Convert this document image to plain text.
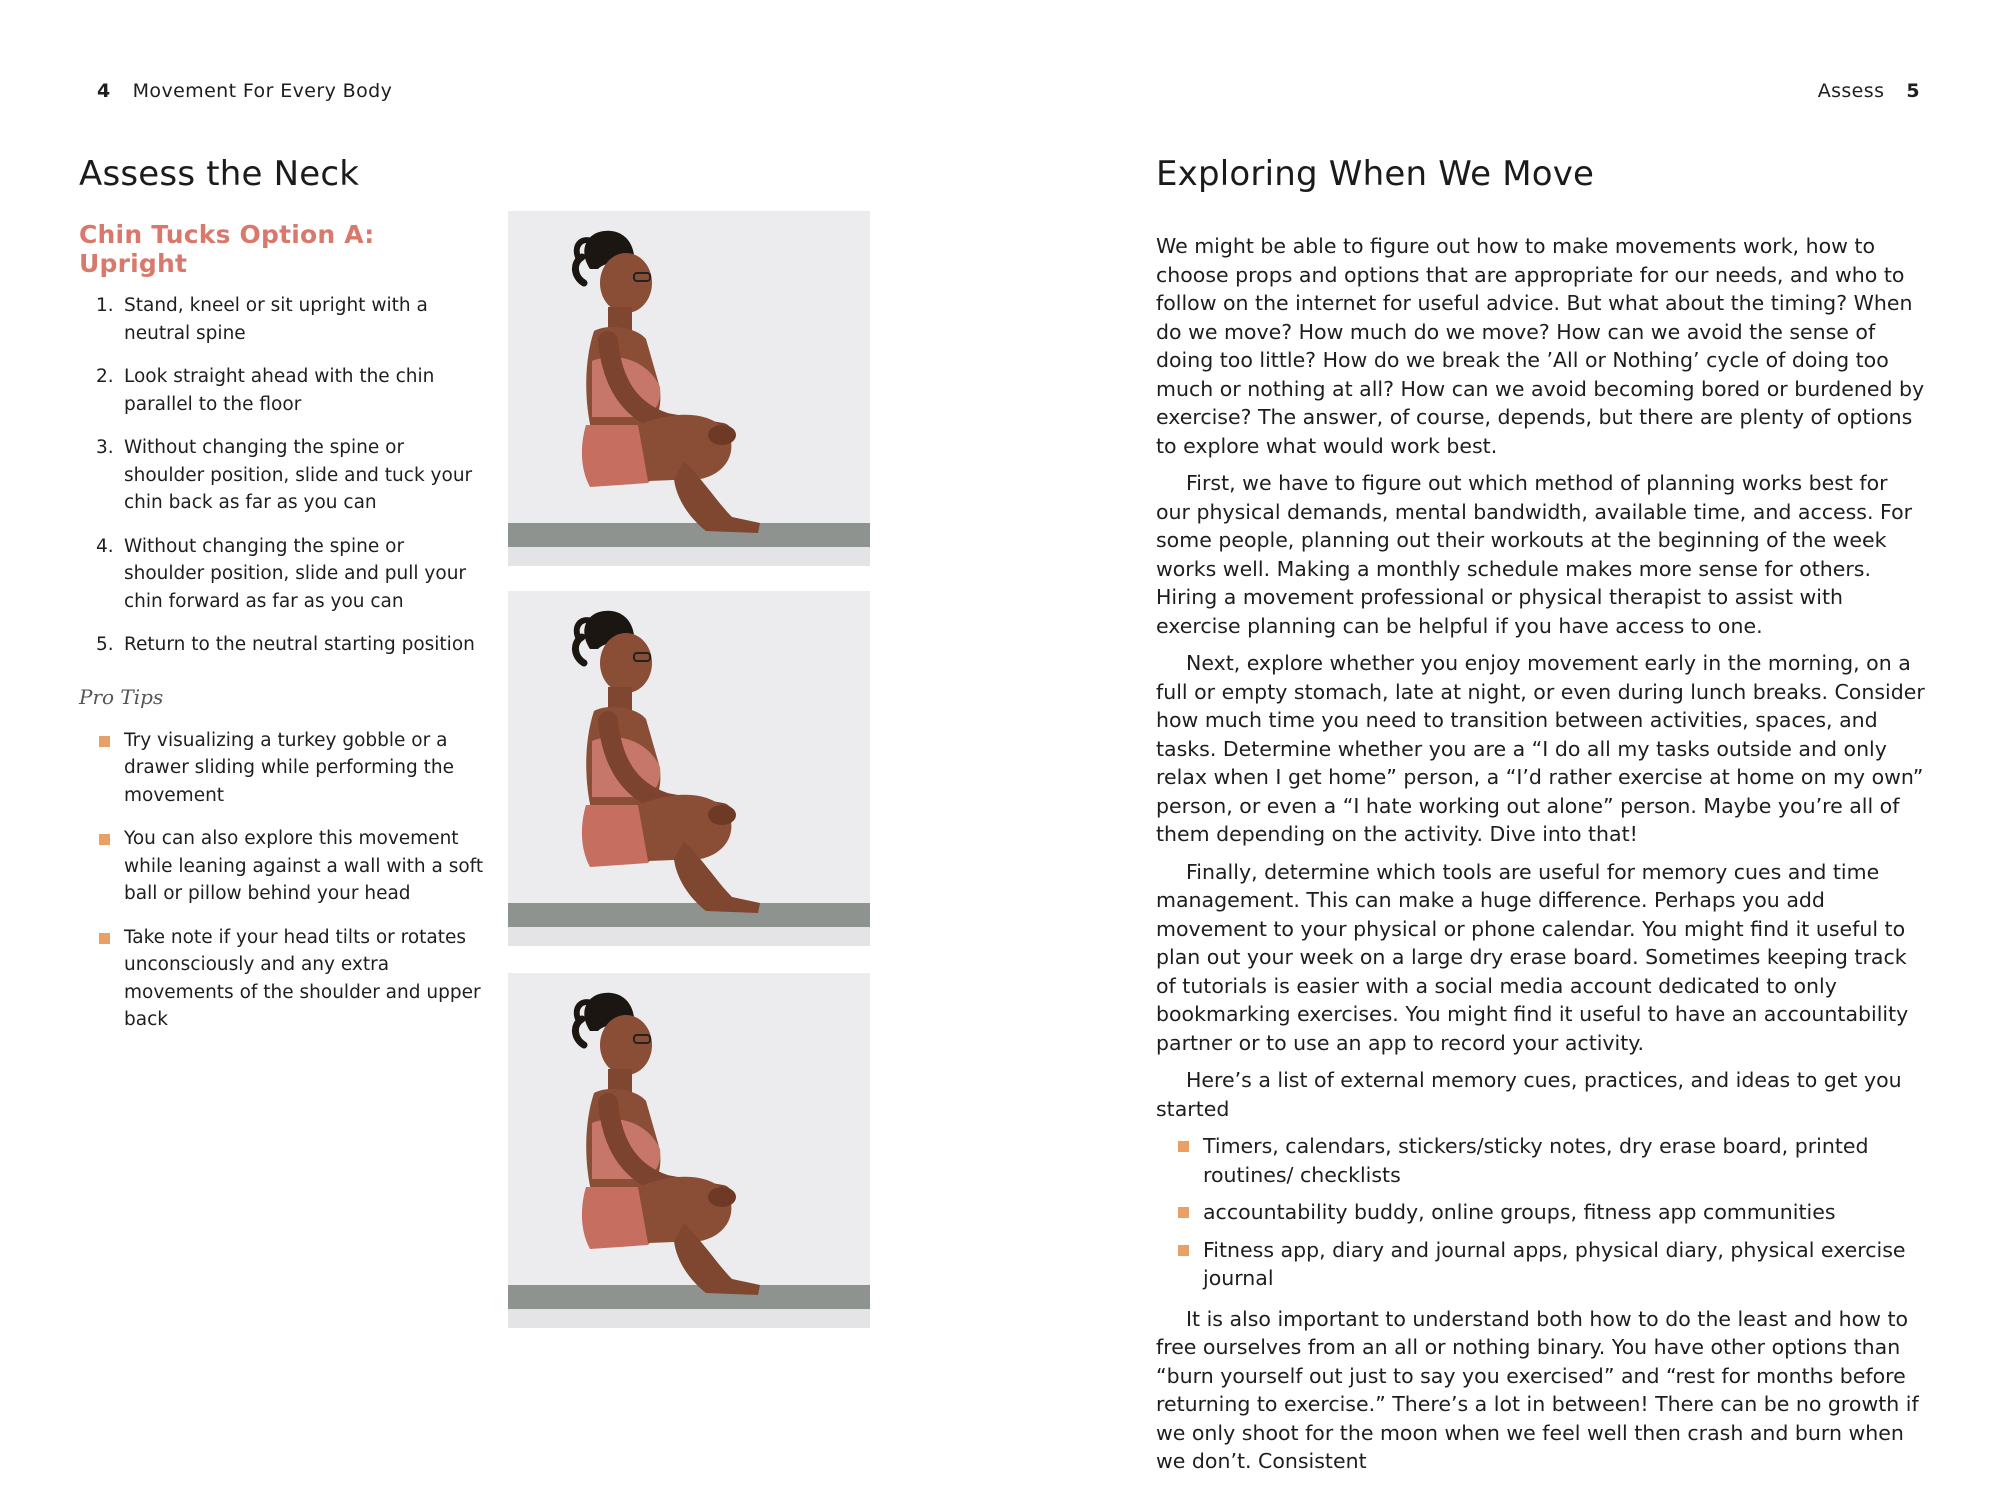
4 Movement For Every Body
Assess the Neck
Chin Tucks Option A: Upright
1. Stand, kneel or sit upright with a neutral spine
2. Look straight ahead with the chin parallel to the floor
3. Without changing the spine or shoulder position, slide and tuck your chin back as far as you can
4. Without changing the spine or shoulder position, slide and pull your chin forward as far as you can
5. Return to the neutral starting position
Pro Tips
Try visualizing a turkey gobble or a drawer sliding while performing the movement
You can also explore this movement while leaning against a wall with a soft ball or pillow behind your head
Take note if your head tilts or rotates unconsciously and any extra movements of the shoulder and upper back
Assess 5
Exploring When We Move

We might be able to figure out how to make movements work, how to choose props and options that are appropriate for our needs, and who to follow on the internet for useful advice. But what about the timing? When do we move? How much do we move? How can we avoid the sense of doing too little? How do we break the ’All or Nothing’ cycle of doing too much or nothing at all? How can we avoid becoming bored or burdened by exercise? The answer, of course, depends, but there are plenty of options to explore what would work best.

First, we have to figure out which method of planning works best for our physical demands, mental bandwidth, available time, and access. For some people, planning out their workouts at the beginning of the week works well. Making a monthly schedule makes more sense for others. Hiring a movement professional or physical therapist to assist with exercise planning can be helpful if you have access to one.

Next, explore whether you enjoy movement early in the morning, on a full or empty stomach, late at night, or even during lunch breaks. Consider how much time you need to transition between activities, spaces, and tasks. Determine whether you are a “I do all my tasks outside and only relax when I get home” person, a “I’d rather exercise at home on my own” person, or even a “I hate working out alone” person. Maybe you’re all of them depending on the activity. Dive into that!

Finally, determine which tools are useful for memory cues and time management. This can make a huge difference. Perhaps you add movement to your physical or phone calendar. You might find it useful to plan out your week on a large dry erase board. Sometimes keeping track of tutorials is easier with a social media account dedicated to only bookmarking exercises. You might find it useful to have an accountability partner or to use an app to record your activity.

Here’s a list of external memory cues, practices, and ideas to get you started

Timers, calendars, stickers/sticky notes, dry erase board, printed routines/ checklists
accountability buddy, online groups, fitness app communities
Fitness app, diary and journal apps, physical diary, physical exercise journal

It is also important to understand both how to do the least and how to free ourselves from an all or nothing binary. You have other options than “burn yourself out just to say you exercised” and “rest for months before returning to exercise.” There’s a lot in between! There can be no growth if we only shoot for the moon when we feel well then crash and burn when we don’t. Consistent
